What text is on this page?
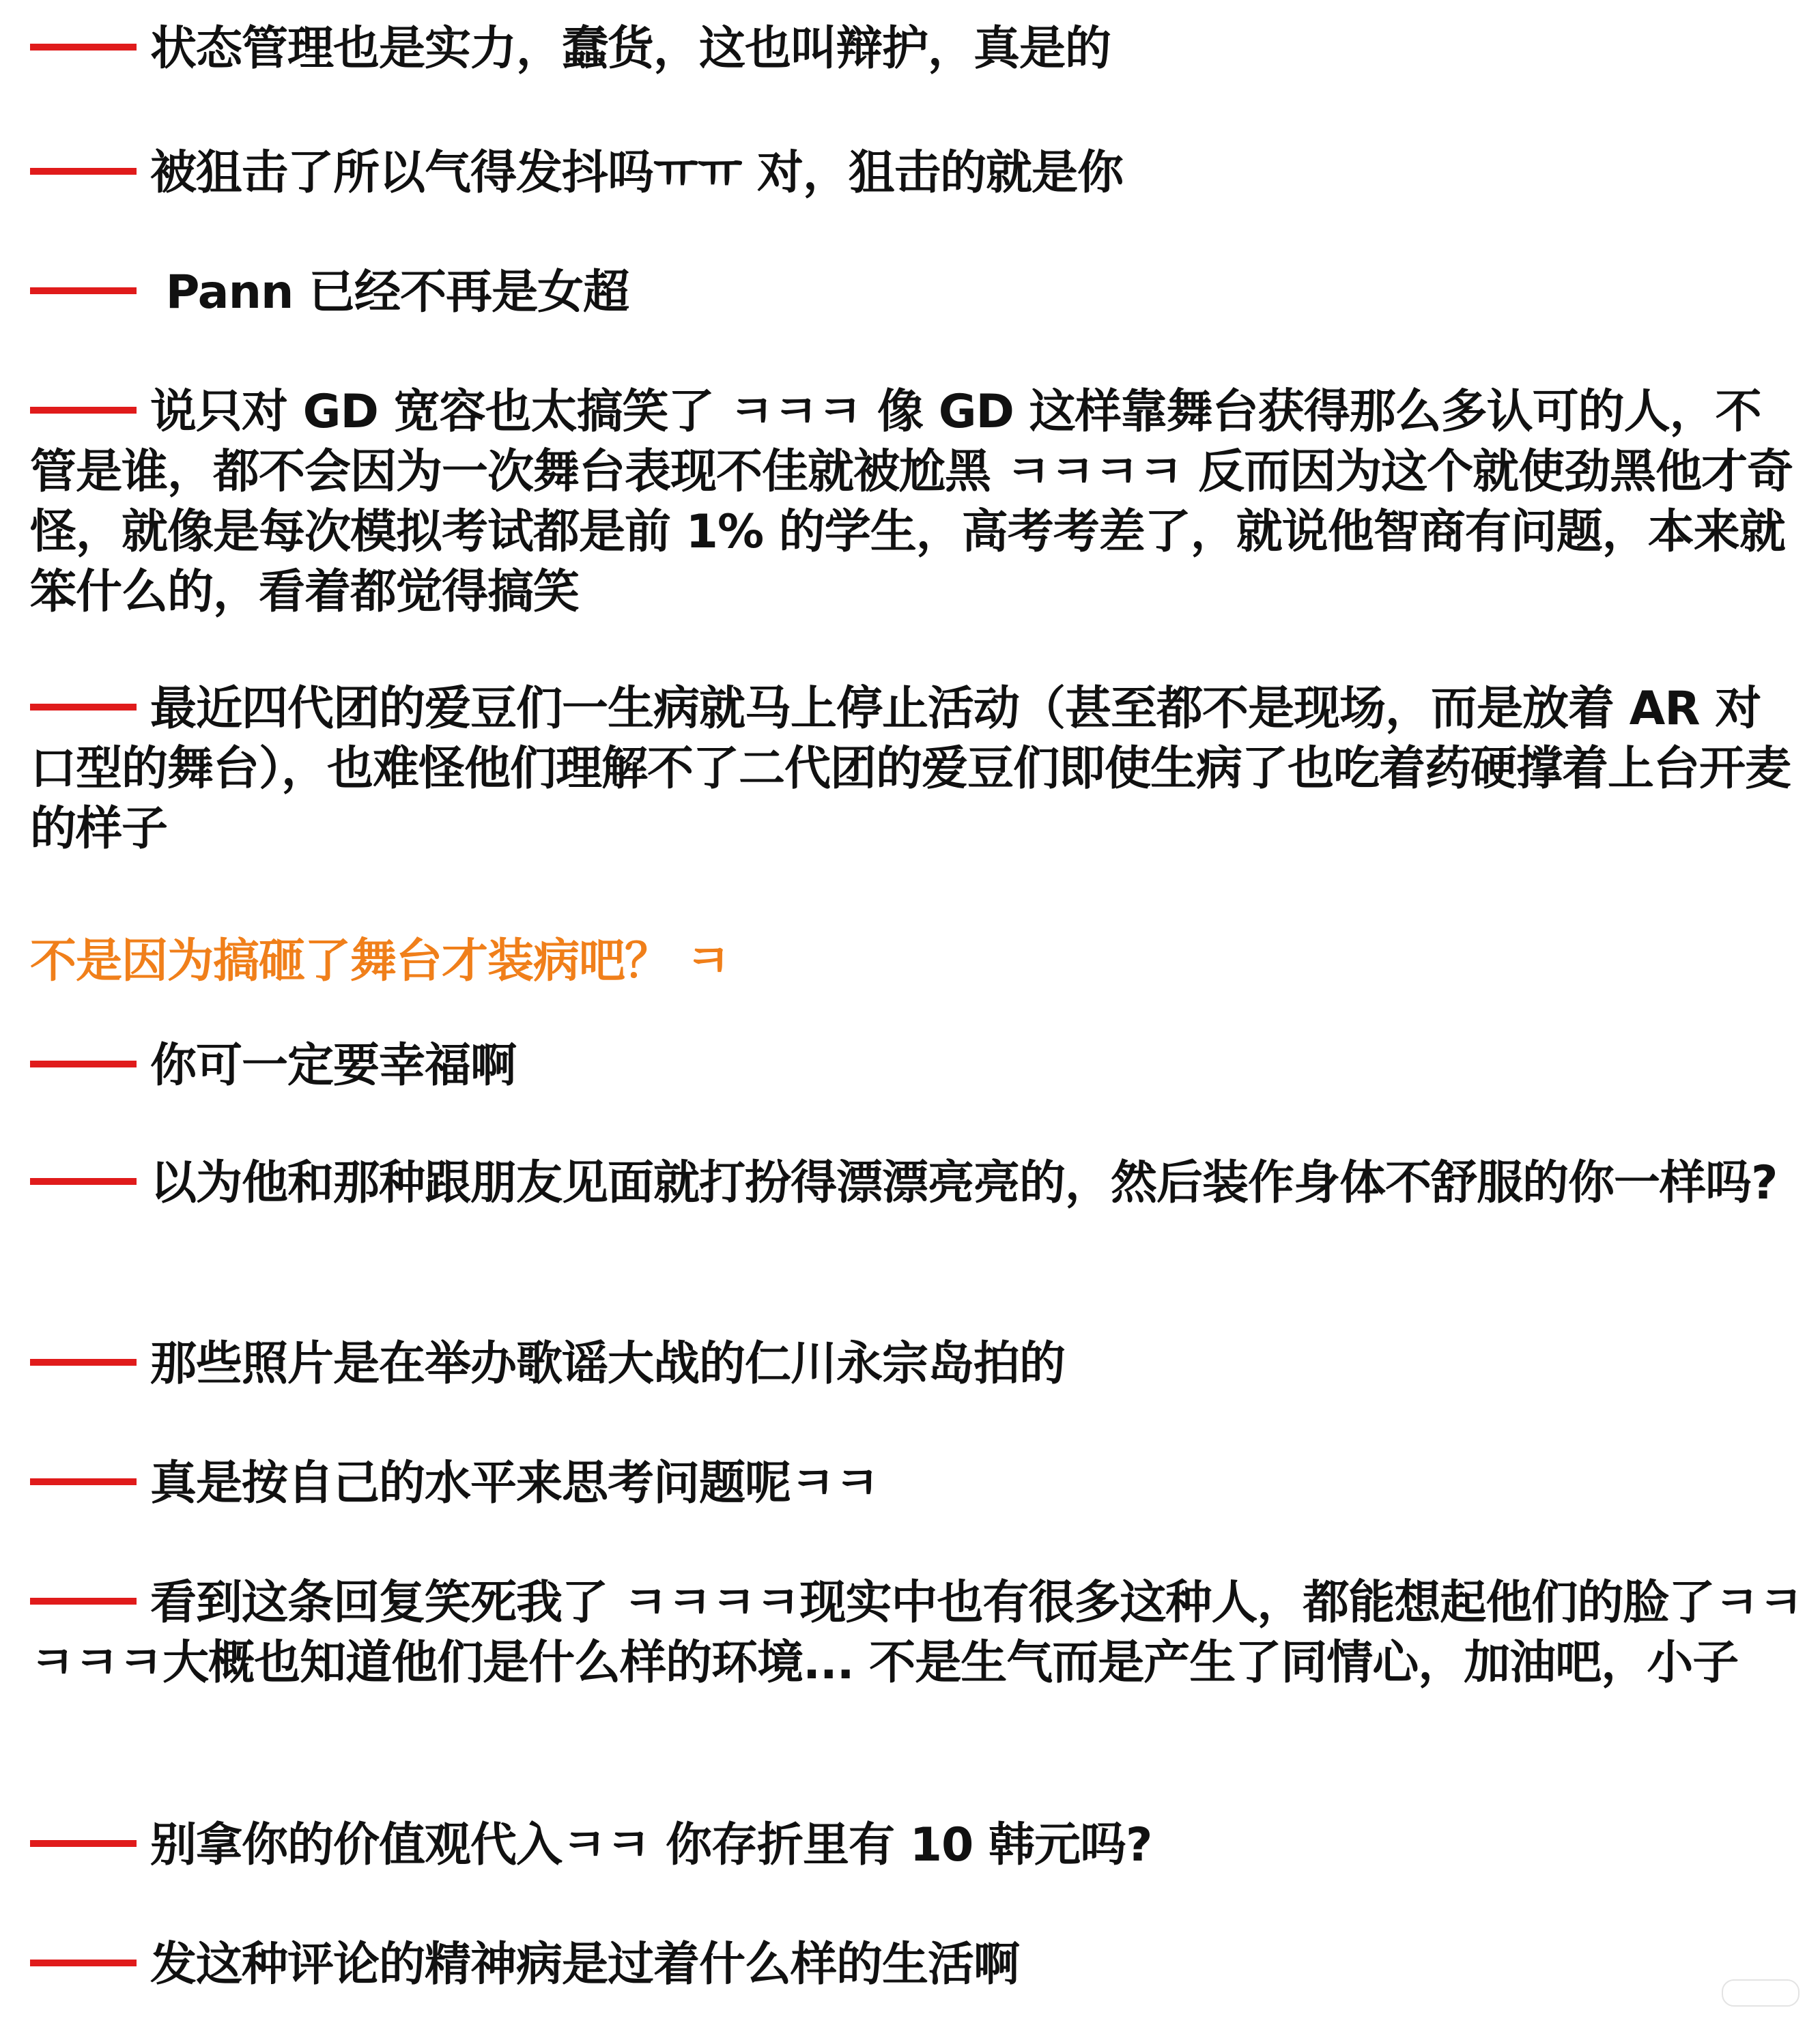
状态管理也是实力，蠢货，这也叫辩护，真是的
被狙击了所以气得发抖吗ㅠㅠ 对，狙击的就是你
Pann 已经不再是女超
说只对 GD 宽容也太搞笑了 ㅋㅋㅋ 像 GD 这样靠舞台获得那么多认可的人，不管是谁，都不会因为一次舞台表现不佳就被尬黑 ㅋㅋㅋㅋ 反而因为这个就使劲黑他才奇怪，就像是每次模拟考试都是前 1% 的学生，高考考差了，就说他智商有问题，本来就笨什么的，看着都觉得搞笑
最近四代团的爱豆们一生病就马上停止活动（甚至都不是现场，而是放着 AR 对口型的舞台），也难怪他们理解不了二代团的爱豆们即使生病了也吃着药硬撑着上台开麦的样子
不是因为搞砸了舞台才装病吧？ ㅋ
你可一定要幸福啊
以为他和那种跟朋友见面就打扮得漂漂亮亮的，然后装作身体不舒服的你一样吗?
那些照片是在举办歌谣大战的仁川永宗岛拍的
真是按自己的水平来思考问题呢ㅋㅋ
看到这条回复笑死我了 ㅋㅋㅋㅋ现实中也有很多这种人，都能想起他们的脸了ㅋㅋㅋㅋㅋ大概也知道他们是什么样的环境... 不是生气而是产生了同情心，加油吧，小子
别拿你的价值观代入ㅋㅋ 你存折里有 10 韩元吗?
发这种评论的精神病是过着什么样的生活啊
